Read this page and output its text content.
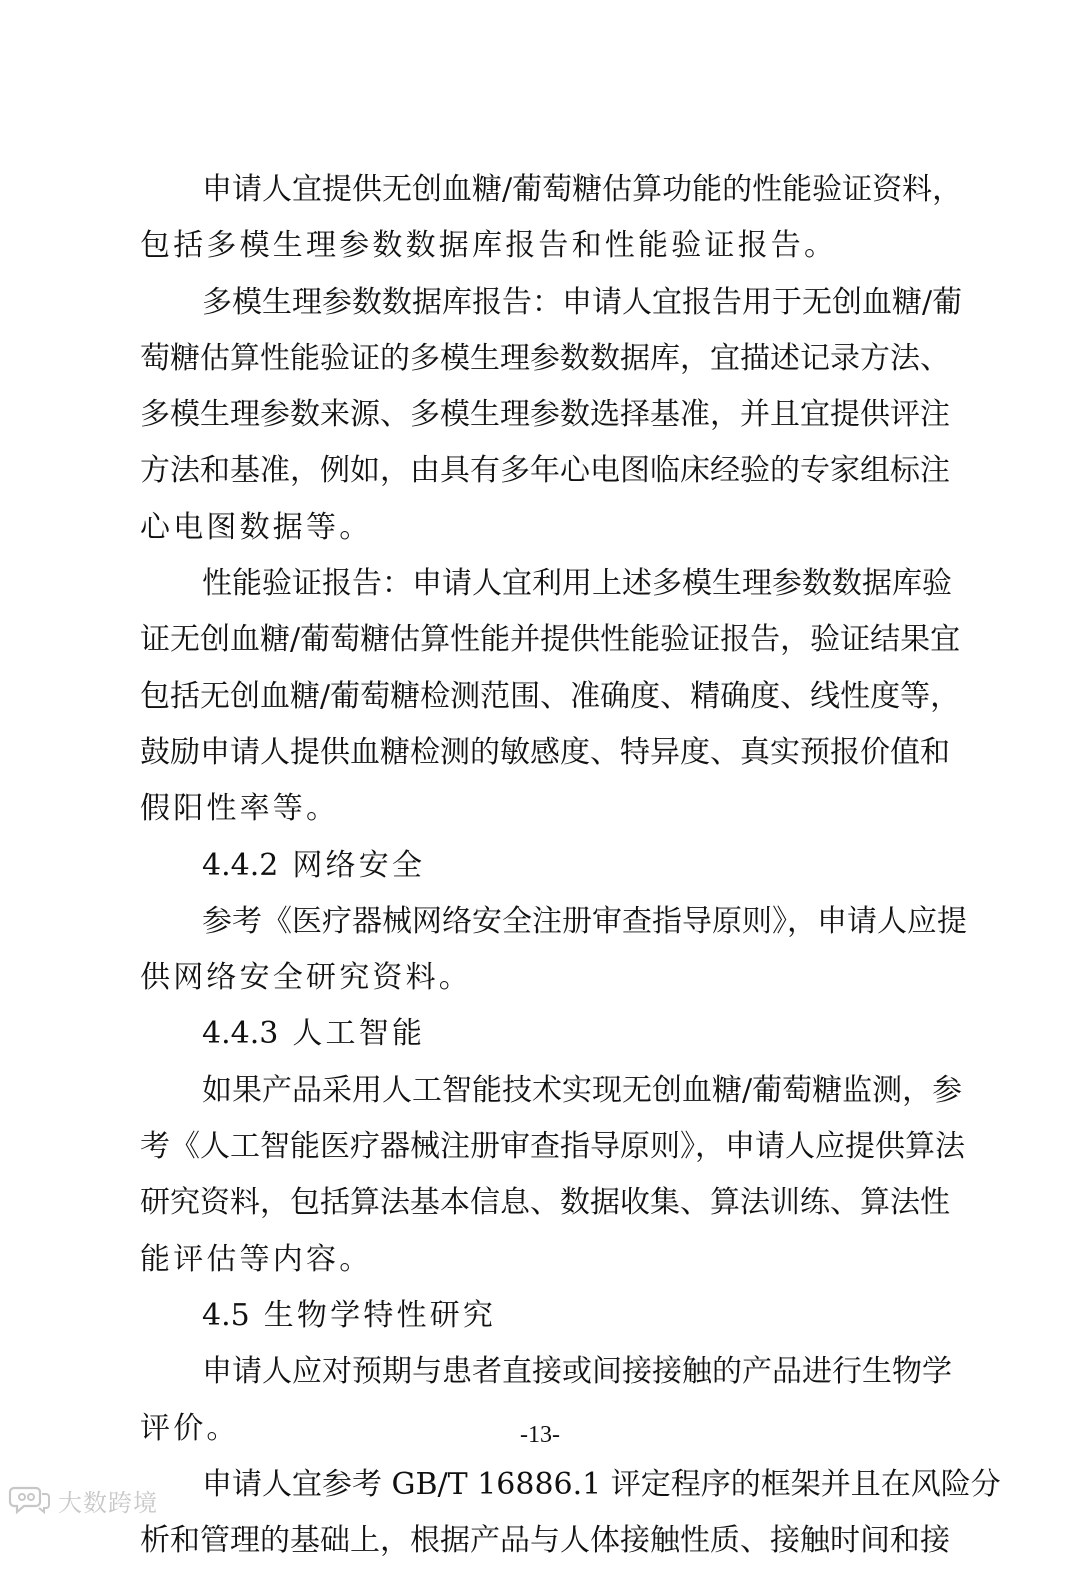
申请人宜提供无创血糖/葡萄糖估算功能的性能验证资料，
包括多模生理参数数据库报告和性能验证报告。
多模生理参数数据库报告：申请人宜报告用于无创血糖/葡
萄糖估算性能验证的多模生理参数数据库，宜描述记录方法、
多模生理参数来源、多模生理参数选择基准，并且宜提供评注
方法和基准，例如，由具有多年心电图临床经验的专家组标注
心电图数据等。
性能验证报告：申请人宜利用上述多模生理参数数据库验
证无创血糖/葡萄糖估算性能并提供性能验证报告，验证结果宜
包括无创血糖/葡萄糖检测范围、准确度、精确度、线性度等，
鼓励申请人提供血糖检测的敏感度、特异度、真实预报价值和
假阳性率等。
4.4.2 网络安全
参考《医疗器械网络安全注册审查指导原则》，申请人应提
供网络安全研究资料。
4.4.3 人工智能
如果产品采用人工智能技术实现无创血糖/葡萄糖监测，参
考《人工智能医疗器械注册审查指导原则》，申请人应提供算法
研究资料，包括算法基本信息、数据收集、算法训练、算法性
能评估等内容。
4.5 生物学特性研究
申请人应对预期与患者直接或间接接触的产品进行生物学
评价。
申请人宜参考 GB/T 16886.1 评定程序的框架并且在风险分
析和管理的基础上，根据产品与人体接触性质、接触时间和接
-13-
大数跨境
